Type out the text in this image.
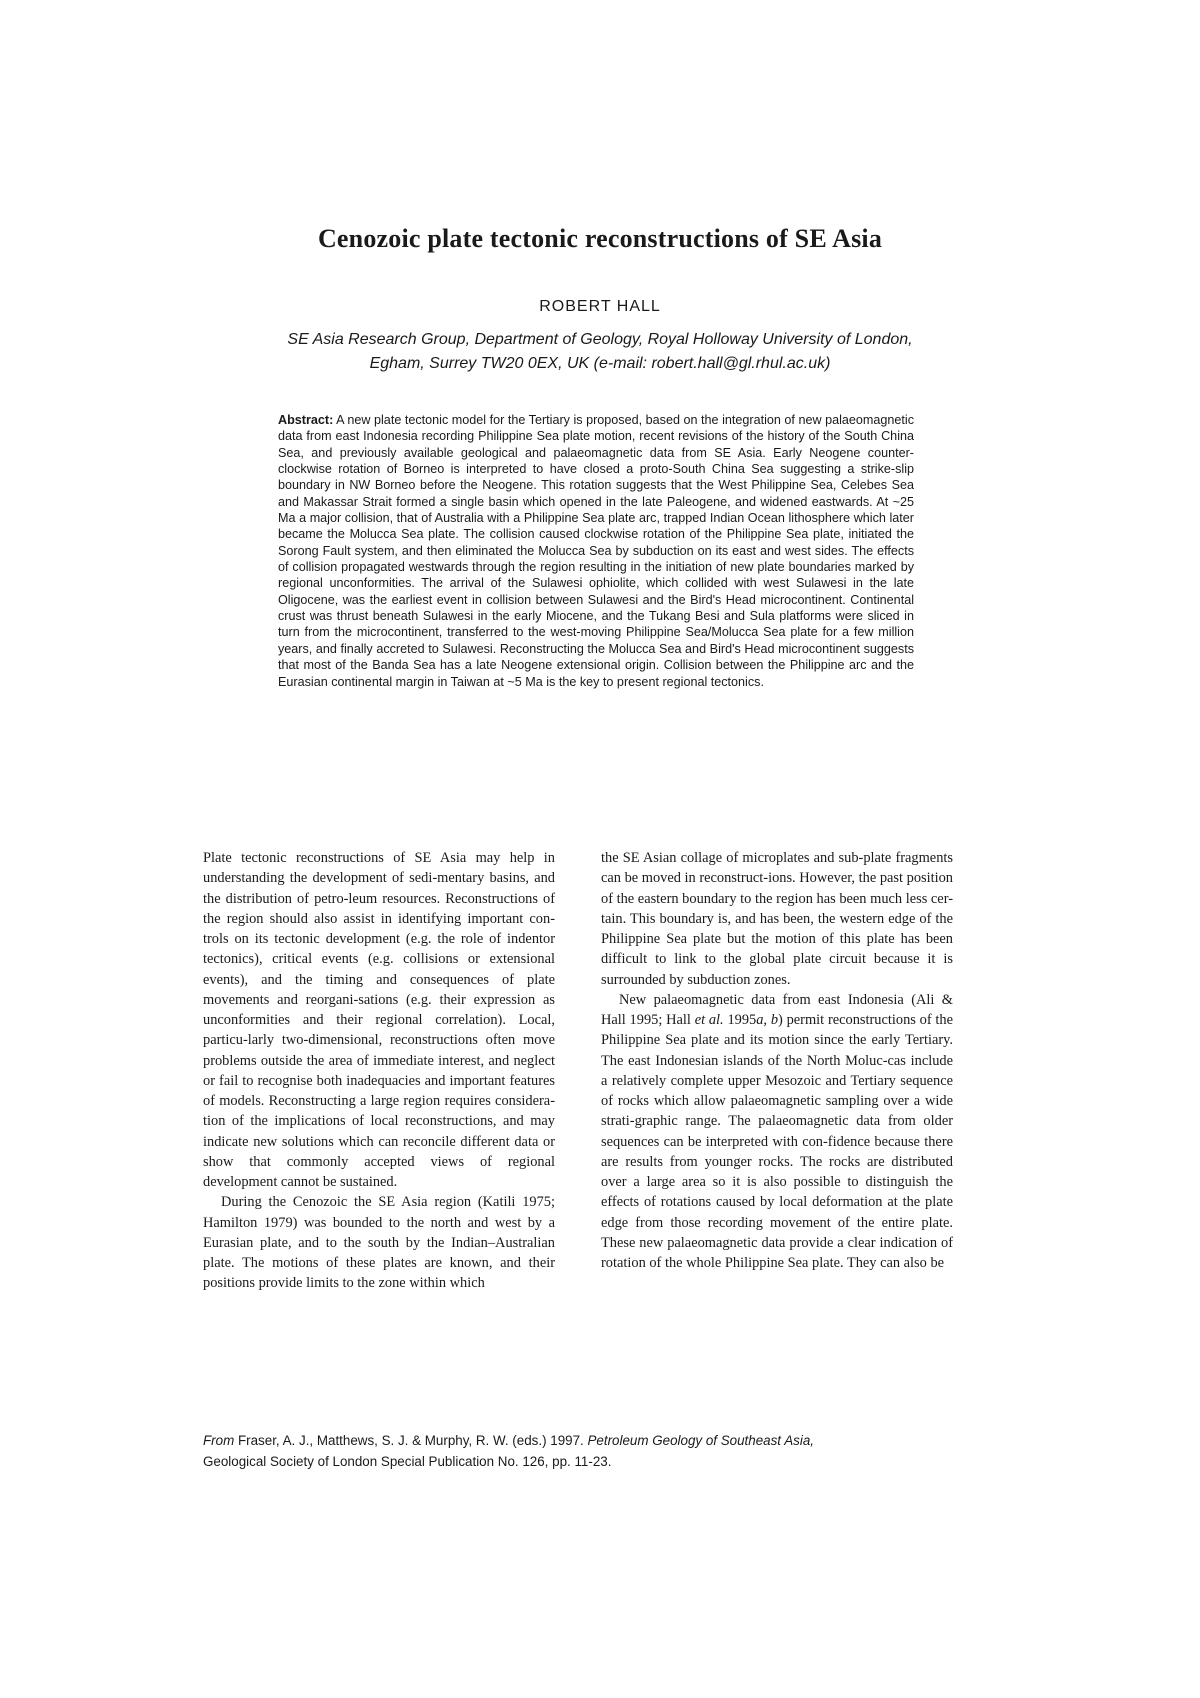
Cenozoic plate tectonic reconstructions of SE Asia
ROBERT HALL
SE Asia Research Group, Department of Geology, Royal Holloway University of London,
Egham, Surrey TW20 0EX, UK (e-mail: robert.hall@gl.rhul.ac.uk)

Abstract: A new plate tectonic model for the Tertiary is proposed, based on the integration of new palaeomagnetic data from east Indonesia recording Philippine Sea plate motion, recent revisions of the history of the South China Sea, and previously available geological and palaeomagnetic data from SE Asia. Early Neogene counter-clockwise rotation of Borneo is interpreted to have closed a proto-South China Sea suggesting a strike-slip boundary in NW Borneo before the Neogene. This rotation suggests that the West Philippine Sea, Celebes Sea and Makassar Strait formed a single basin which opened in the late Paleogene, and widened eastwards. At ~25 Ma a major collision, that of Australia with a Philippine Sea plate arc, trapped Indian Ocean lithosphere which later became the Molucca Sea plate. The collision caused clockwise rotation of the Philippine Sea plate, initiated the Sorong Fault system, and then eliminated the Molucca Sea by subduction on its east and west sides. The effects of collision propagated westwards through the region resulting in the initiation of new plate boundaries marked by regional unconformities. The arrival of the Sulawesi ophiolite, which collided with west Sulawesi in the late Oligocene, was the earliest event in collision between Sulawesi and the Bird's Head microcontinent. Continental crust was thrust beneath Sulawesi in the early Miocene, and the Tukang Besi and Sula platforms were sliced in turn from the microcontinent, transferred to the west-moving Philippine Sea/Molucca Sea plate for a few million years, and finally accreted to Sulawesi. Reconstructing the Molucca Sea and Bird's Head microcontinent suggests that most of the Banda Sea has a late Neogene extensional origin. Collision between the Philippine arc and the Eurasian continental margin in Taiwan at ~5 Ma is the key to present regional tectonics.

Plate tectonic reconstructions of SE Asia may help in understanding the development of sedi-mentary basins, and the distribution of petro-leum resources. Reconstructions of the region should also assist in identifying important con-trols on its tectonic development (e.g. the role of indentor tectonics), critical events (e.g. collisions or extensional events), and the timing and consequences of plate movements and reorgani-sations (e.g. their expression as unconformities and their regional correlation). Local, particu-larly two-dimensional, reconstructions often move problems outside the area of immediate interest, and neglect or fail to recognise both inadequacies and important features of models. Reconstructing a large region requires considera-tion of the implications of local reconstructions, and may indicate new solutions which can reconcile different data or show that commonly accepted views of regional development cannot be sustained.

During the Cenozoic the SE Asia region (Katili 1975; Hamilton 1979) was bounded to the north and west by a Eurasian plate, and to the south by the Indian–Australian plate. The motions of these plates are known, and their positions provide limits to the zone within which

the SE Asian collage of microplates and sub-plate fragments can be moved in reconstruct-ions. However, the past position of the eastern boundary to the region has been much less cer-tain. This boundary is, and has been, the western edge of the Philippine Sea plate but the motion of this plate has been difficult to link to the global plate circuit because it is surrounded by subduction zones.

New palaeomagnetic data from east Indonesia (Ali & Hall 1995; Hall et al. 1995a, b) permit reconstructions of the Philippine Sea plate and its motion since the early Tertiary. The east Indonesian islands of the North Moluc-cas include a relatively complete upper Mesozoic and Tertiary sequence of rocks which allow palaeomagnetic sampling over a wide strati-graphic range. The palaeomagnetic data from older sequences can be interpreted with con-fidence because there are results from younger rocks. The rocks are distributed over a large area so it is also possible to distinguish the effects of rotations caused by local deformation at the plate edge from those recording movement of the entire plate. These new palaeomagnetic data provide a clear indication of rotation of the whole Philippine Sea plate. They can also be

From Fraser, A. J., Matthews, S. J. & Murphy, R. W. (eds.) 1997. Petroleum Geology of Southeast Asia,
Geological Society of London Special Publication No. 126, pp. 11-23.
